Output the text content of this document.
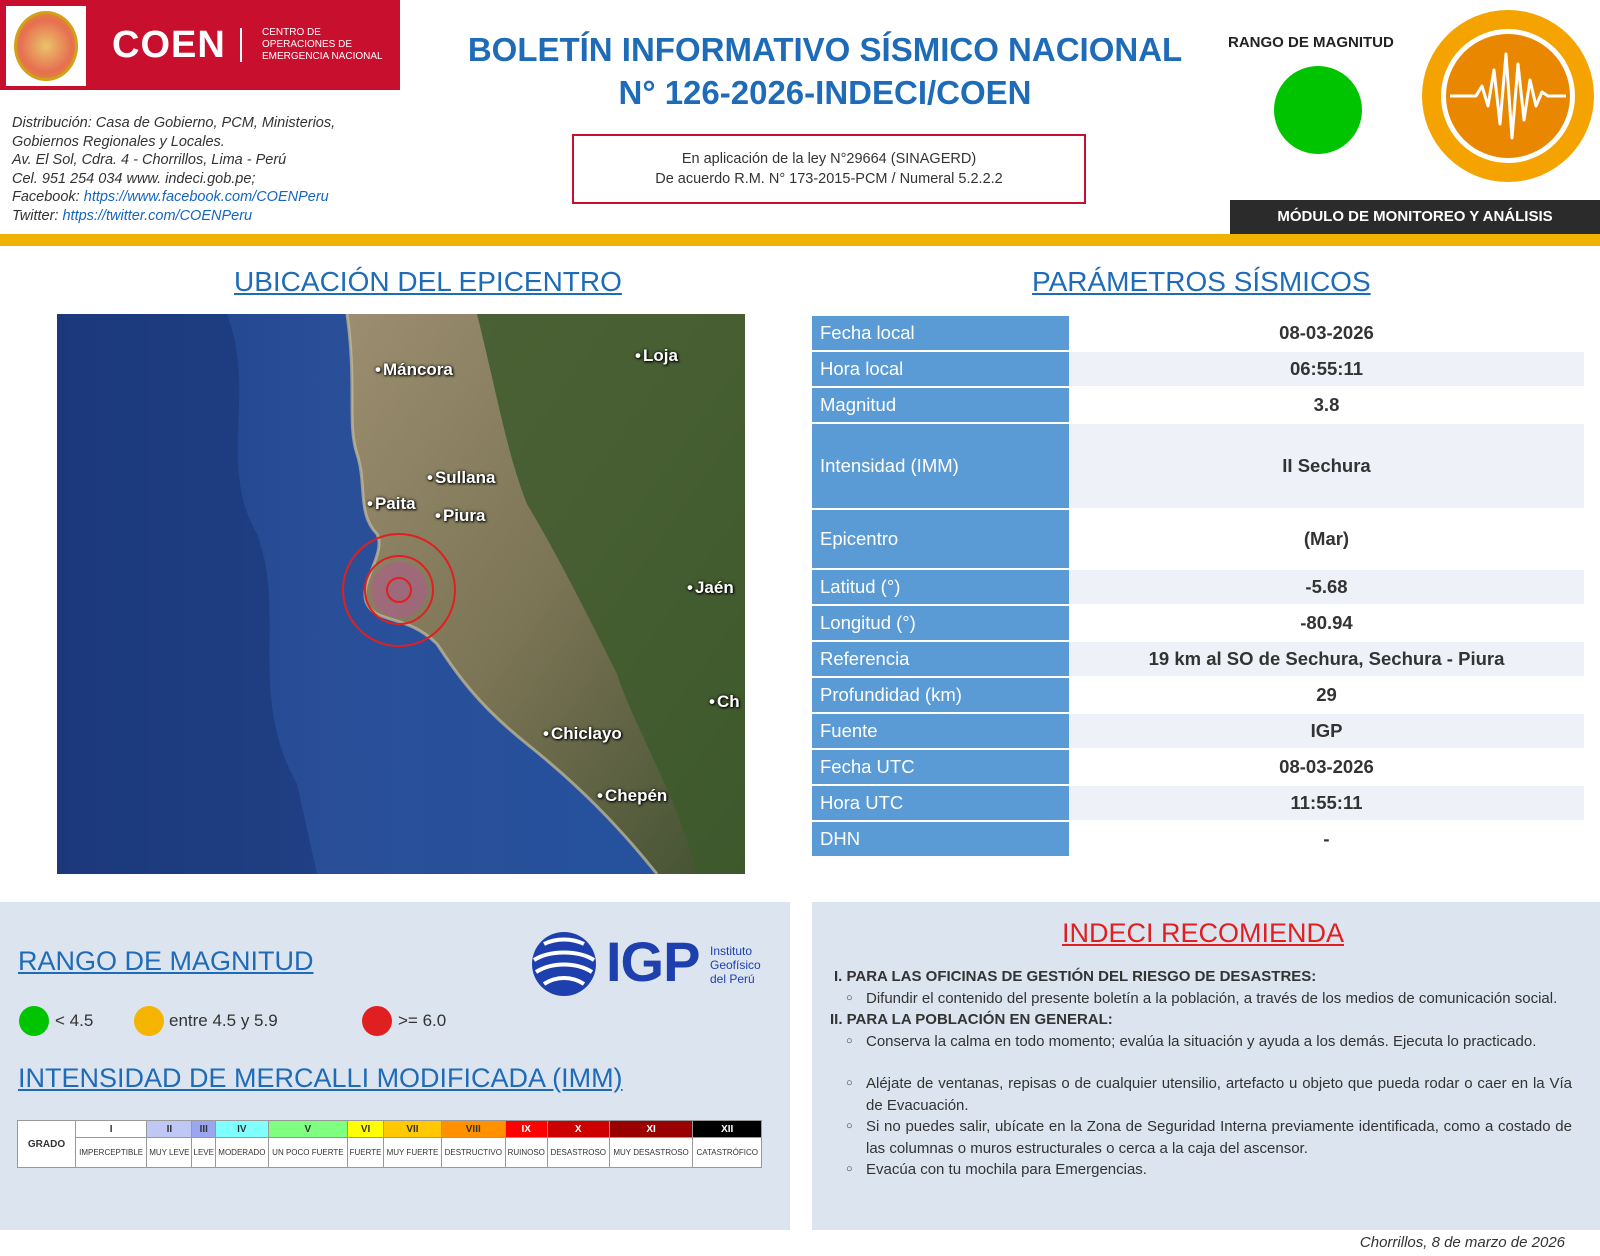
COEN	CENTRO DE OPERACIONES DE EMERGENCIA NACIONAL
Distribución: Casa de Gobierno, PCM, Ministerios,
Gobiernos Regionales y Locales.
Av. El Sol, Cdra. 4 - Chorrillos, Lima - Perú
Cel. 951 254 034 www. indeci.gob.pe;
Facebook: https://www.facebook.com/COENPeru
Twitter: https://twitter.com/COENPeru
BOLETÍN INFORMATIVO SÍSMICO NACIONAL
N° 126-2026-INDECI/COEN
En aplicación de la ley N°29664 (SINAGERD)
De acuerdo R.M. N° 173-2015-PCM / Numeral 5.2.2.2
RANGO DE MAGNITUD
MÓDULO DE MONITOREO Y ANÁLISIS
UBICACIÓN DEL EPICENTRO
• Máncora
• Loja
• Sullana
• Paita
• Piura
• Jaén
• Chiclayo
• Chepén
• Ch
PARÁMETROS SÍSMICOS
Fecha local	08-03-2026
Hora local	06:55:11
Magnitud	3.8
Intensidad (IMM)	II Sechura
Epicentro	(Mar)
Latitud (°)	-5.68
Longitud (°)	-80.94
Referencia	19 km al SO de Sechura, Sechura - Piura
Profundidad (km)	29
Fuente	IGP
Fecha UTC	08-03-2026
Hora UTC	11:55:11
DHN	-
RANGO DE MAGNITUD	IGP Instituto
Geofísico
del Perú
< 4.5	entre 4.5 y 5.9	>= 6.0
INTENSIDAD DE MERCALLI MODIFICADA (IMM)
GRADO	I	II	III	IV	V	VI	VII	VIII	IX	X	XI	XII
	IMPERCEPTIBLE	MUY LEVE	LEVE	MODERADO	UN POCO FUERTE	FUERTE	MUY FUERTE	DESTRUCTIVO	RUINOSO	DESASTROSO	MUY DESASTROSO	CATASTRÓFICO
INDECI RECOMIENDA
I. PARA LAS OFICINAS DE GESTIÓN DEL RIESGO DE DESASTRES:
○ Difundir el contenido del presente boletín a la población, a través de los medios de comunicación social.
II. PARA LA POBLACIÓN EN GENERAL:
○ Conserva la calma en todo momento; evalúa la situación y ayuda a los demás. Ejecuta lo practicado.
○ Aléjate de ventanas, repisas o de cualquier utensilio, artefacto u objeto que pueda rodar o caer en la Vía de Evacuación.
○ Si no puedes salir, ubícate en la Zona de Seguridad Interna previamente identificada, como a costado de las columnas o muros estructurales o cerca a la caja del ascensor.
○ Evacúa con tu mochila para Emergencias.
Chorrillos, 8 de marzo de 2026
